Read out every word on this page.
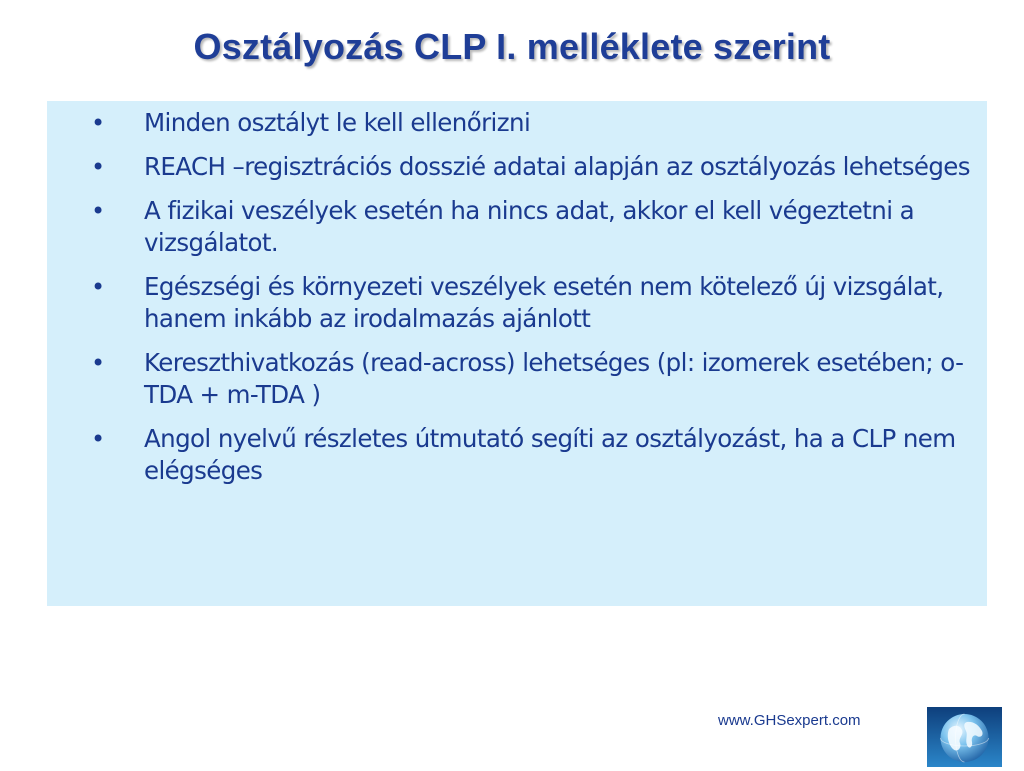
Osztályozás CLP I. melléklete szerint
• Minden osztályt le kell ellenőrizni
• REACH –regisztrációs dosszié adatai alapján az osztályozás lehetséges
• A fizikai veszélyek esetén ha nincs adat, akkor el kell végeztetni a vizsgálatot.
• Egészségi és környezeti veszélyek esetén nem kötelező új vizsgálat, hanem inkább az irodalmazás ajánlott
• Kereszthivatkozás (read-across) lehetséges (pl: izomerek esetében; o-TDA + m-TDA )
• Angol nyelvű részletes útmutató segíti az osztályozást, ha a CLP nem elégséges
www.GHSexpert.com
